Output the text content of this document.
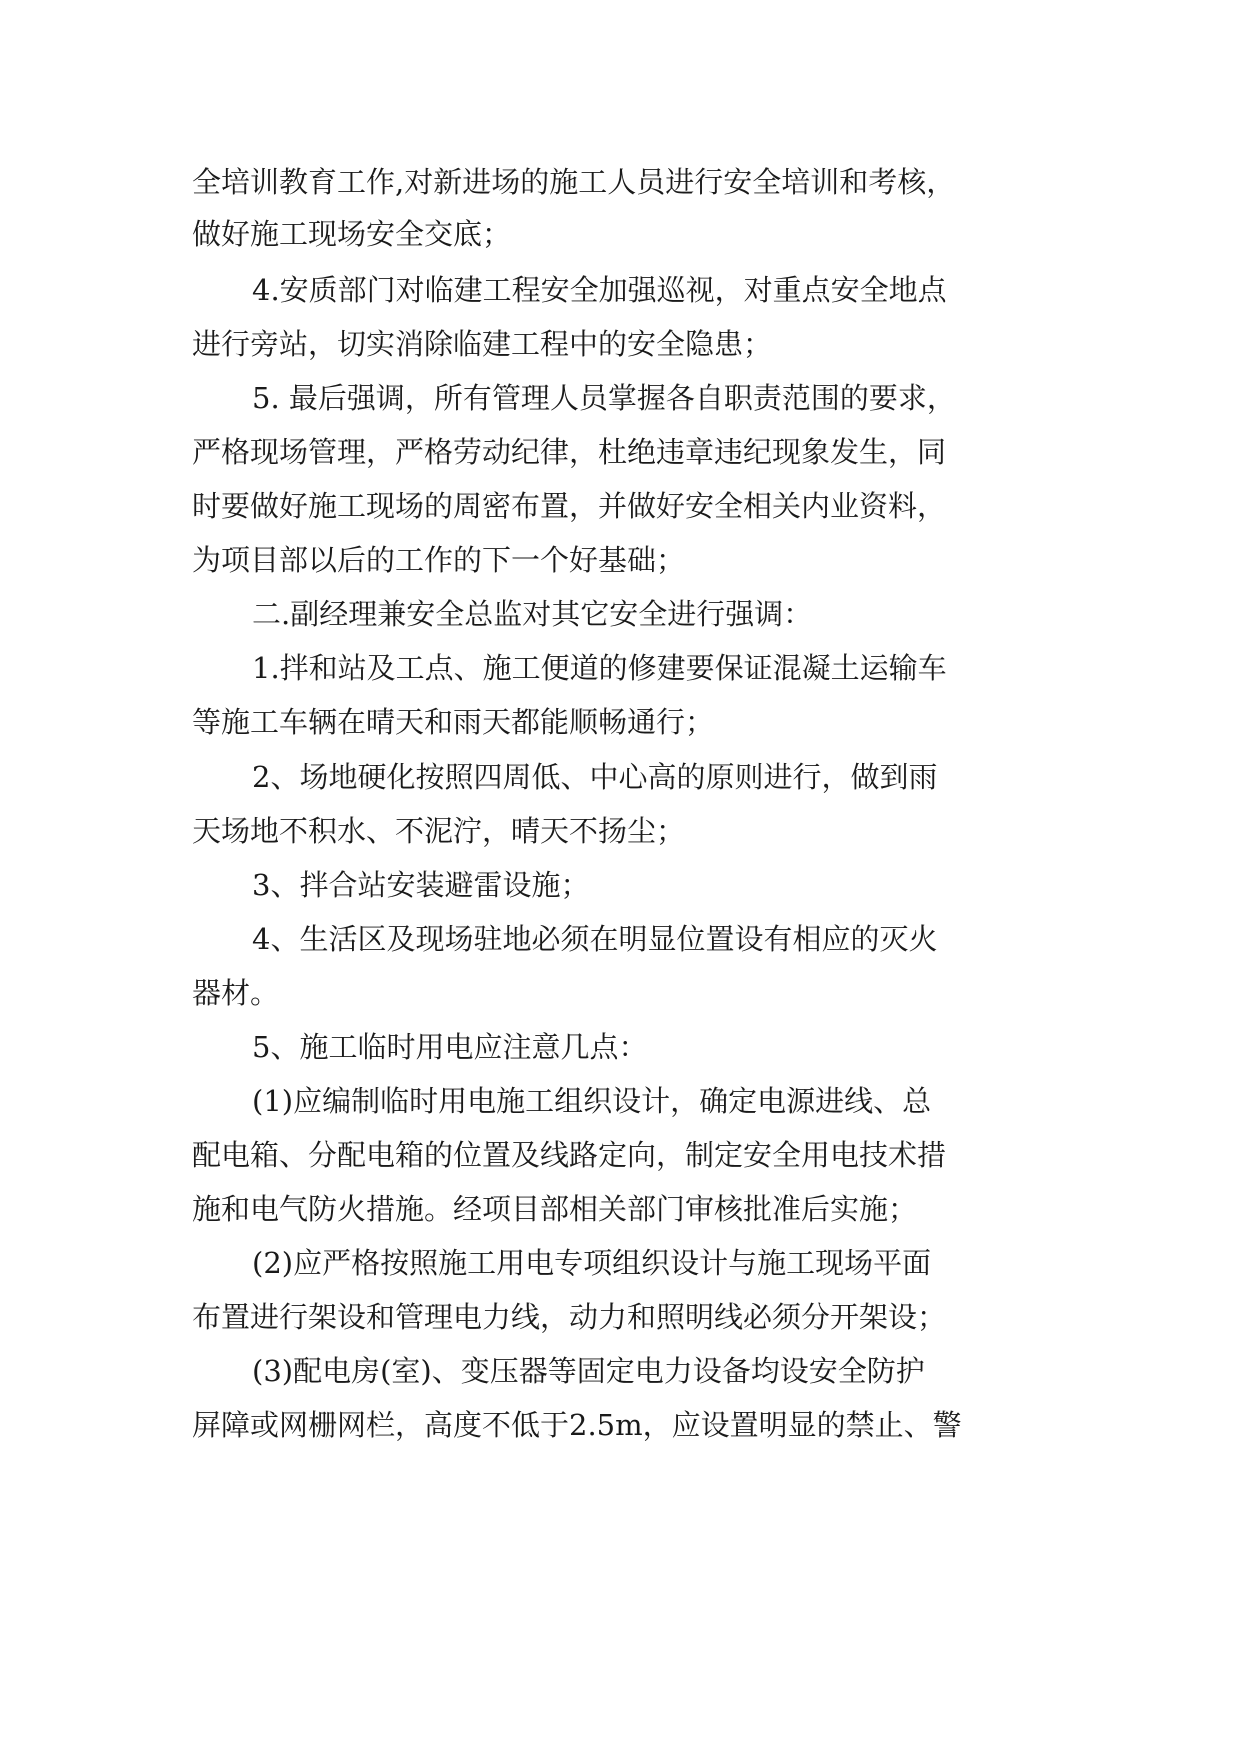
全培训教育工作,对新进场的施工人员进行安全培训和考核，
做好施工现场安全交底；
4.安质部门对临建工程安全加强巡视，对重点安全地点
进行旁站，切实消除临建工程中的安全隐患；
5. 最后强调，所有管理人员掌握各自职责范围的要求，
严格现场管理，严格劳动纪律，杜绝违章违纪现象发生，同
时要做好施工现场的周密布置，并做好安全相关内业资料，
为项目部以后的工作的下一个好基础；
二.副经理兼安全总监对其它安全进行强调：
1.拌和站及工点、施工便道的修建要保证混凝土运输车
等施工车辆在晴天和雨天都能顺畅通行；
2、场地硬化按照四周低、中心高的原则进行，做到雨
天场地不积水、不泥泞，晴天不扬尘；
3、拌合站安装避雷设施；
4、生活区及现场驻地必须在明显位置设有相应的灭火
器材。
5、施工临时用电应注意几点：
(1)应编制临时用电施工组织设计，确定电源进线、总
配电箱、分配电箱的位置及线路定向，制定安全用电技术措
施和电气防火措施。经项目部相关部门审核批准后实施；
(2)应严格按照施工用电专项组织设计与施工现场平面
布置进行架设和管理电力线，动力和照明线必须分开架设；
(3)配电房(室)、变压器等固定电力设备均设安全防护
屏障或网栅网栏，高度不低于2.5m，应设置明显的禁止、警
